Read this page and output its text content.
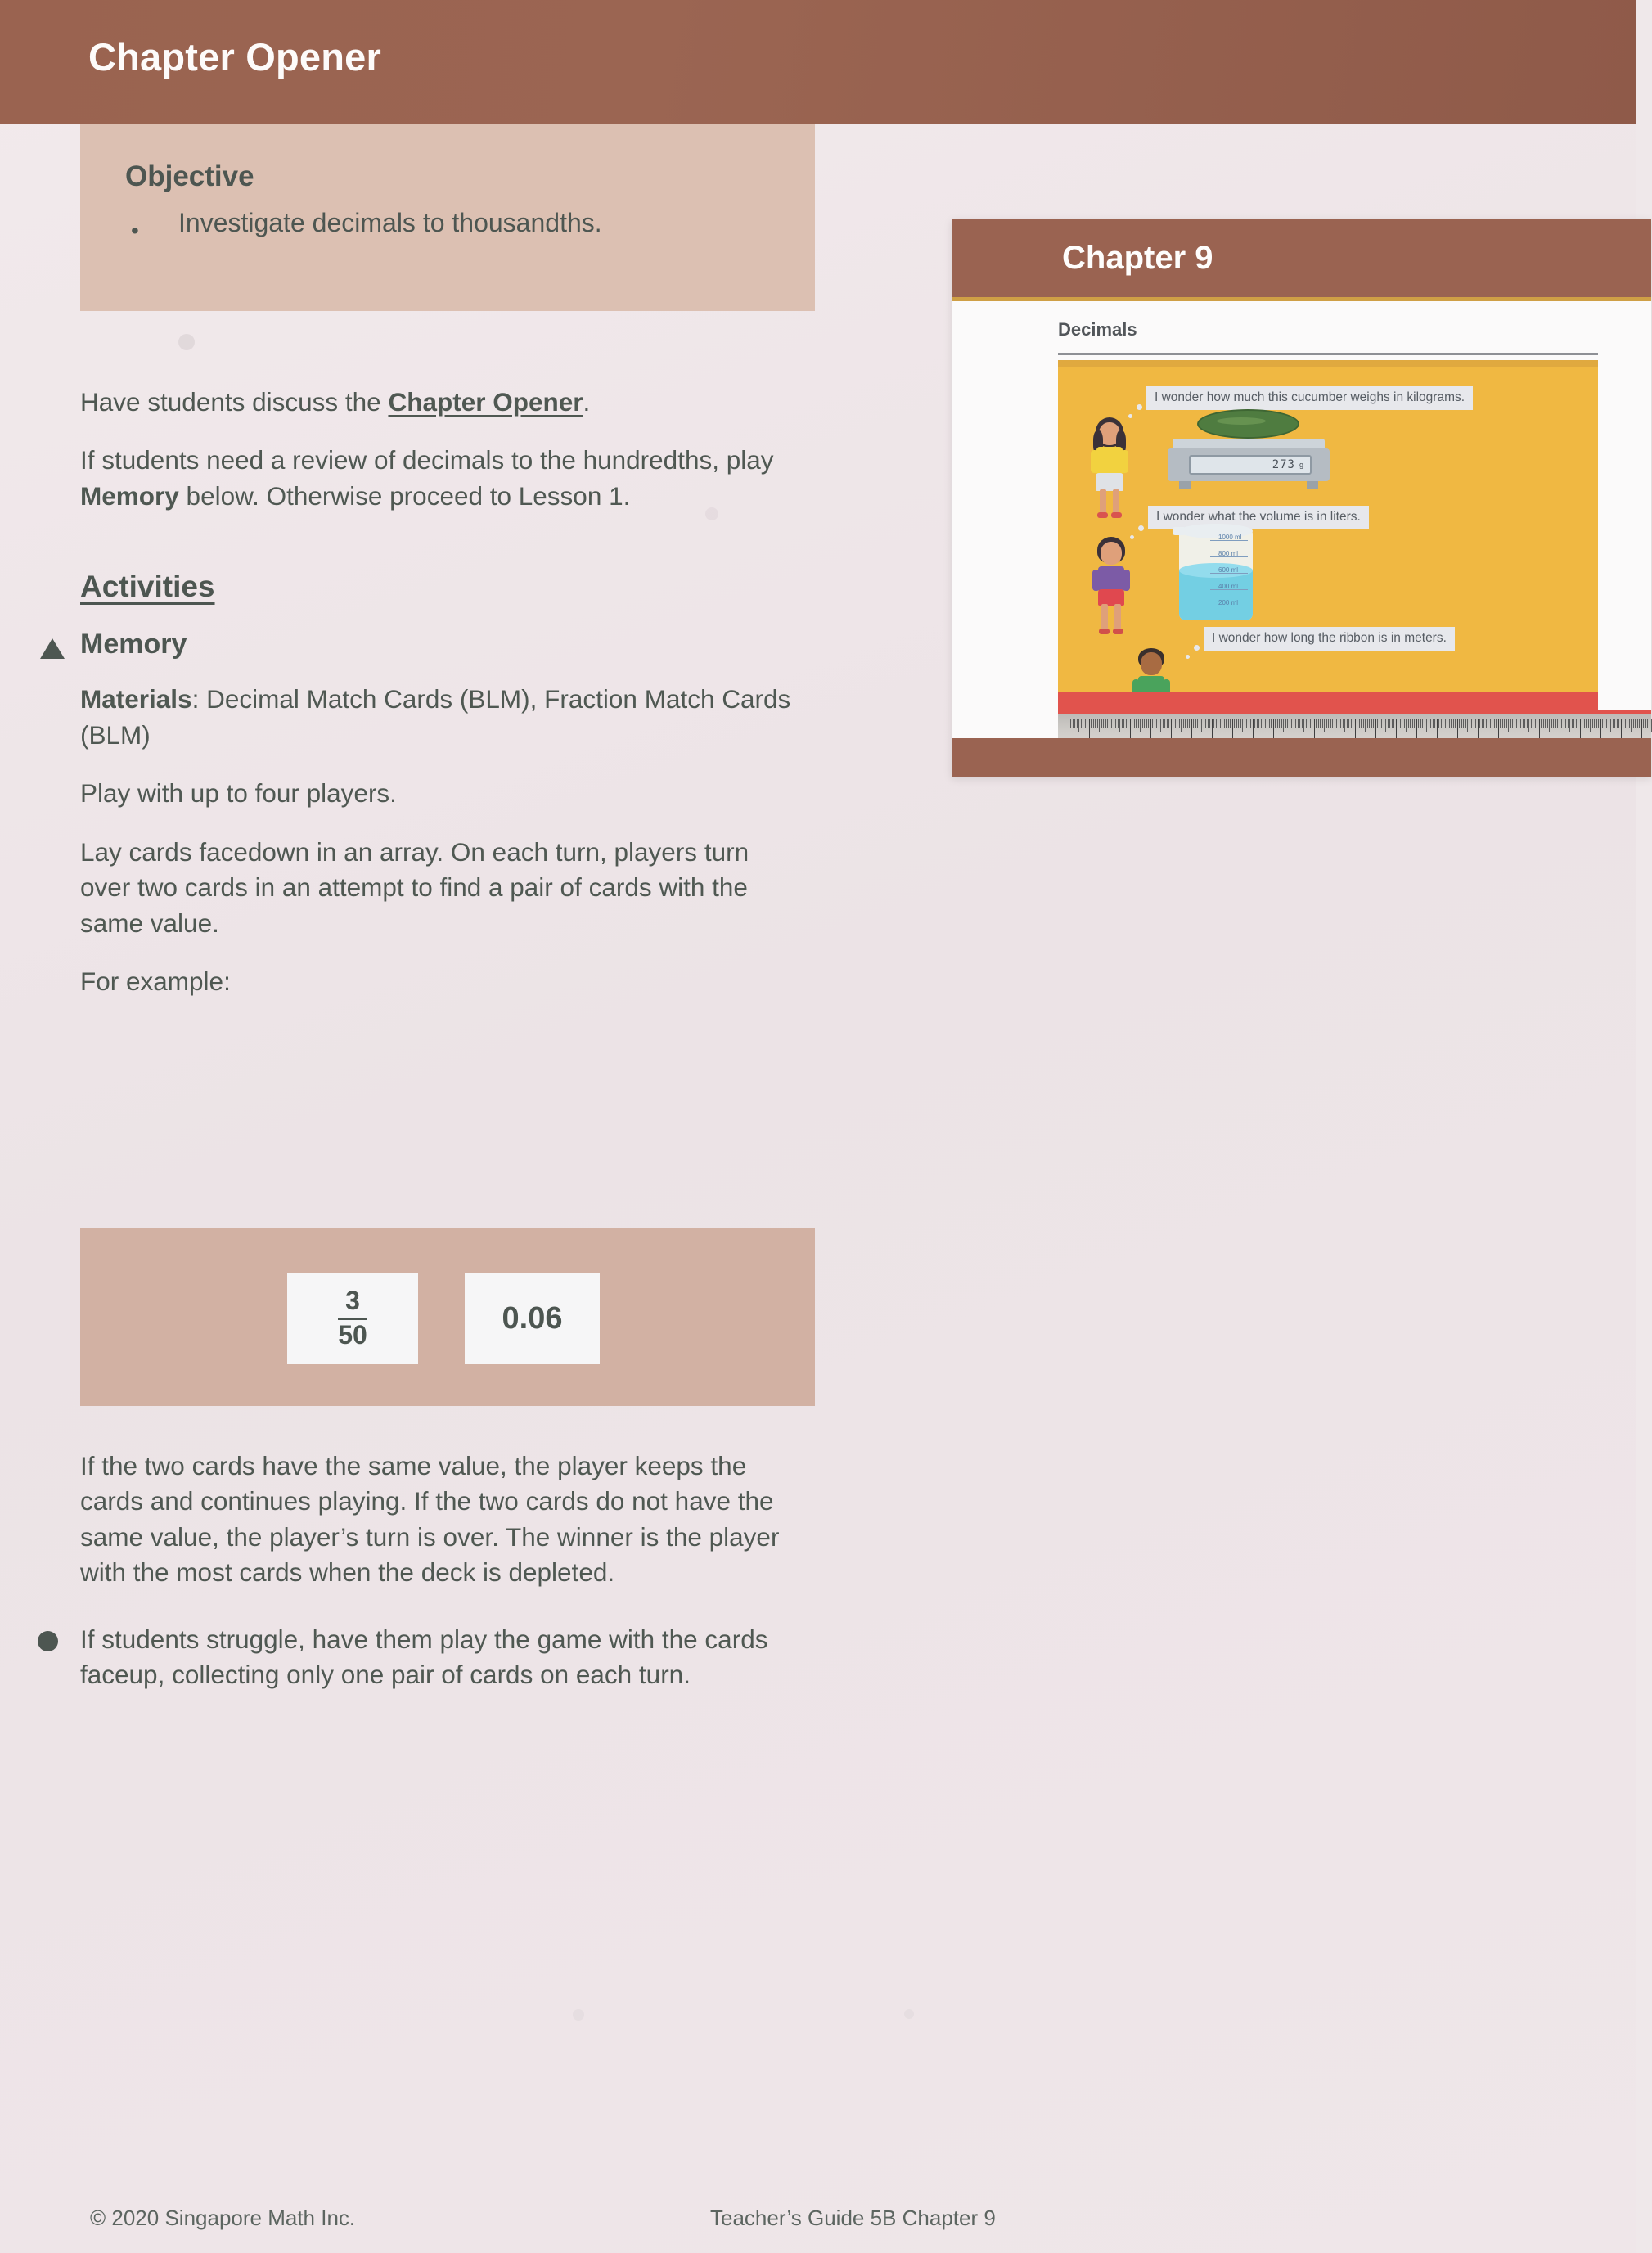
Chapter Opener
Objective
• Investigate decimals to thousandths.

Have students discuss the Chapter Opener.

If students need a review of decimals to the hundredths, play Memory below. Otherwise proceed to Lesson 1.

Activities
Memory

Materials: Decimal Match Cards (BLM), Fraction Match Cards (BLM)

Play with up to four players.

Lay cards facedown in an array. On each turn, players turn over two cards in an attempt to find a pair of cards with the same value.

For example:

$\frac{3}{50}$	0.06

If the two cards have the same value, the player keeps the cards and continues playing. If the two cards do not have the same value, the player’s turn is over. The winner is the player with the most cards when the deck is depleted.

If students struggle, have them play the game with the cards faceup, collecting only one pair of cards on each turn.
Chapter 9
Decimals
I wonder how much this cucumber weighs in kilograms.
273 g
I wonder what the volume is in liters.
1000 ml
800 ml
600 ml
400 ml
200 ml
I wonder how long the ribbon is in meters.
© 2020 Singapore Math Inc.	Teacher’s Guide 5B Chapter 9
